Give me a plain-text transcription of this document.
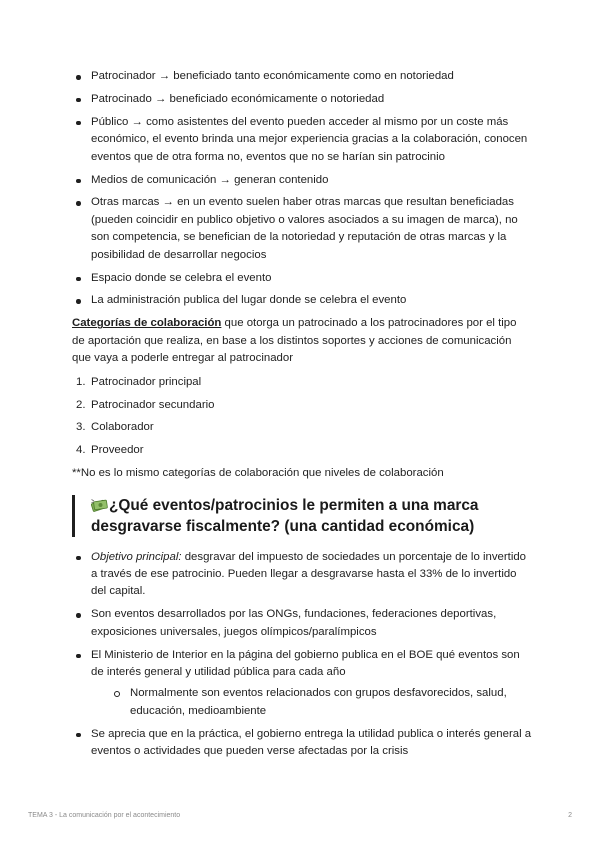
Patrocinador → beneficiado tanto económicamente como en notoriedad
Patrocinado → beneficiado económicamente o notoriedad
Público → como asistentes del evento pueden acceder al mismo por un coste más económico, el evento brinda una mejor experiencia gracias a la colaboración, conocen eventos que de otra forma no, eventos que no se harían sin patrocinio
Medios de comunicación → generan contenido
Otras marcas → en un evento suelen haber otras marcas que resultan beneficiadas (pueden coincidir en publico objetivo o valores asociados a su imagen de marca), no son competencia, se benefician de la notoriedad y reputación de otras marcas y la posibilidad de desarrollar negocios
Espacio donde se celebra el evento
La administración publica del lugar donde se celebra el evento

Categorías de colaboración que otorga un patrocinado a los patrocinadores por el tipo de aportación que realiza, en base a los distintos soportes y acciones de comunicación que vaya a poderle entregar al patrocinador

1. Patrocinador principal
2. Patrocinador secundario
3. Colaborador
4. Proveedor

**No es lo mismo categorías de colaboración que niveles de colaboración

¿Qué eventos/patrocinios le permiten a una marca desgravarse fiscalmente? (una cantidad económica)
Objetivo principal: desgravar del impuesto de sociedades un porcentaje de lo invertido a través de ese patrocinio. Pueden llegar a desgravarse hasta el 33% de lo invertido del capital.
Son eventos desarrollados por las ONGs, fundaciones, federaciones deportivas, exposiciones universales, juegos olímpicos/paralímpicos
El Ministerio de Interior en la página del gobierno publica en el BOE qué eventos son de interés general y utilidad pública para cada año
Normalmente son eventos relacionados con grupos desfavorecidos, salud, educación, medioambiente
Se aprecia que en la práctica, el gobierno entrega la utilidad publica o interés general a eventos o actividades que pueden verse afectadas por la crisis
TEMA 3 - La comunicación por el acontecimiento	2
